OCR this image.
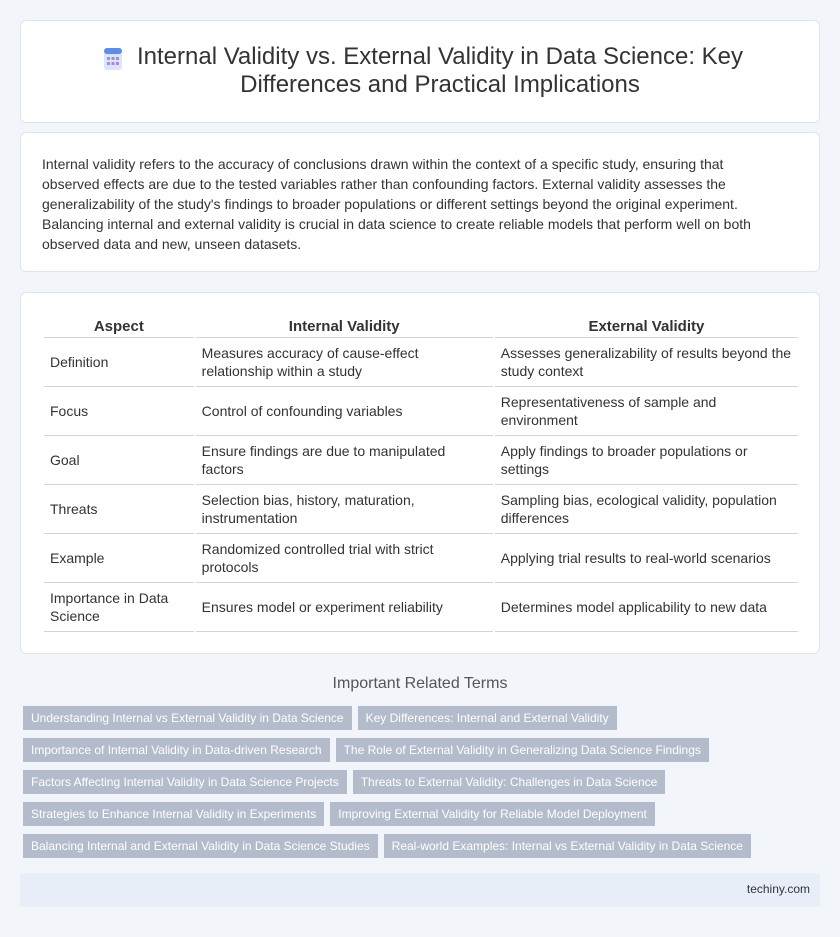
Internal Validity vs. External Validity in Data Science: Key Differences and Practical Implications

Internal validity refers to the accuracy of conclusions drawn within the context of a specific study, ensuring that observed effects are due to the tested variables rather than confounding factors. External validity assesses the generalizability of the study's findings to broader populations or different settings beyond the original experiment. Balancing internal and external validity is crucial in data science to create reliable models that perform well on both observed data and new, unseen datasets.

Aspect	Internal Validity	External Validity
Definition	Measures accuracy of cause-effect relationship within a study	Assesses generalizability of results beyond the study context
Focus	Control of confounding variables	Representativeness of sample and environment
Goal	Ensure findings are due to manipulated factors	Apply findings to broader populations or settings
Threats	Selection bias, history, maturation, instrumentation	Sampling bias, ecological validity, population differences
Example	Randomized controlled trial with strict protocols	Applying trial results to real-world scenarios
Importance in Data Science	Ensures model or experiment reliability	Determines model applicability to new data
Important Related Terms
Understanding Internal vs External Validity in Data Science Key Differences: Internal and External Validity
Importance of Internal Validity in Data-driven Research The Role of External Validity in Generalizing Data Science Findings
Factors Affecting Internal Validity in Data Science Projects Threats to External Validity: Challenges in Data Science
Strategies to Enhance Internal Validity in Experiments Improving External Validity for Reliable Model Deployment
Balancing Internal and External Validity in Data Science Studies Real-world Examples: Internal vs External Validity in Data Science
techiny.com
